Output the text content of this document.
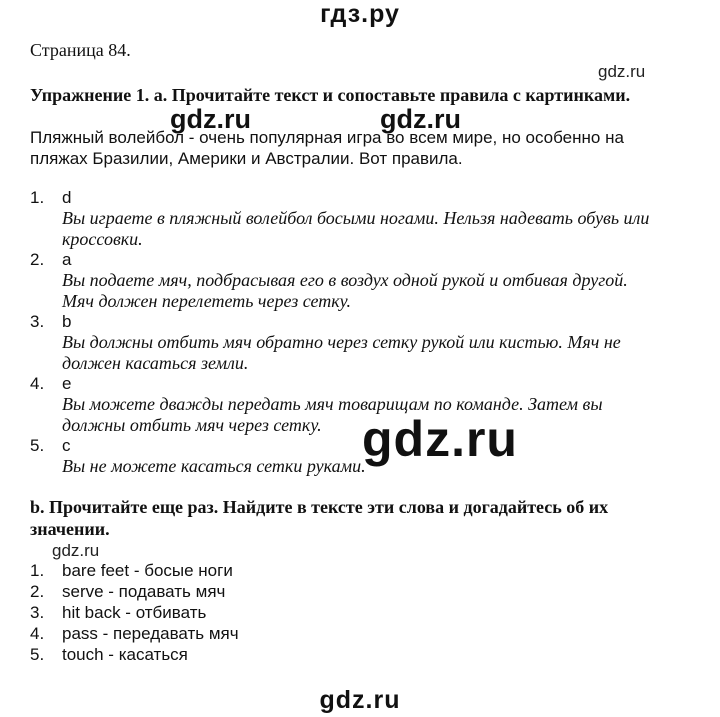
гдз.ру
Страница 84.
gdz.ru
Упражнение 1. а. Прочитайте текст и сопоставьте правила с картинками.
gdz.ru	gdz.ru
Пляжный волейбол - очень популярная игра во всем мире, но особенно на
пляжах Бразилии, Америки и Австралии. Вот правила.
1. d
Вы играете в пляжный волейбол босыми ногами. Нельзя надевать обувь или
кроссовки.
2. a
Вы подаете мяч, подбрасывая его в воздух одной рукой и отбивая другой.
Мяч должен перелететь через сетку.
3. b
Вы должны отбить мяч обратно через сетку рукой или кистью. Мяч не
должен касаться земли.
4. e
Вы можете дважды передать мяч товарищам по команде. Затем вы
должны отбить мяч через сетку.
5. c
Вы не можете касаться сетки руками.
gdz.ru
b. Прочитайте еще раз. Найдите в тексте эти слова и догадайтесь об их
значении.
gdz.ru
1. bare feet - босые ноги
2. serve - подавать мяч
3. hit back - отбивать
4. pass - передавать мяч
5. touch - касаться
gdz.ru
